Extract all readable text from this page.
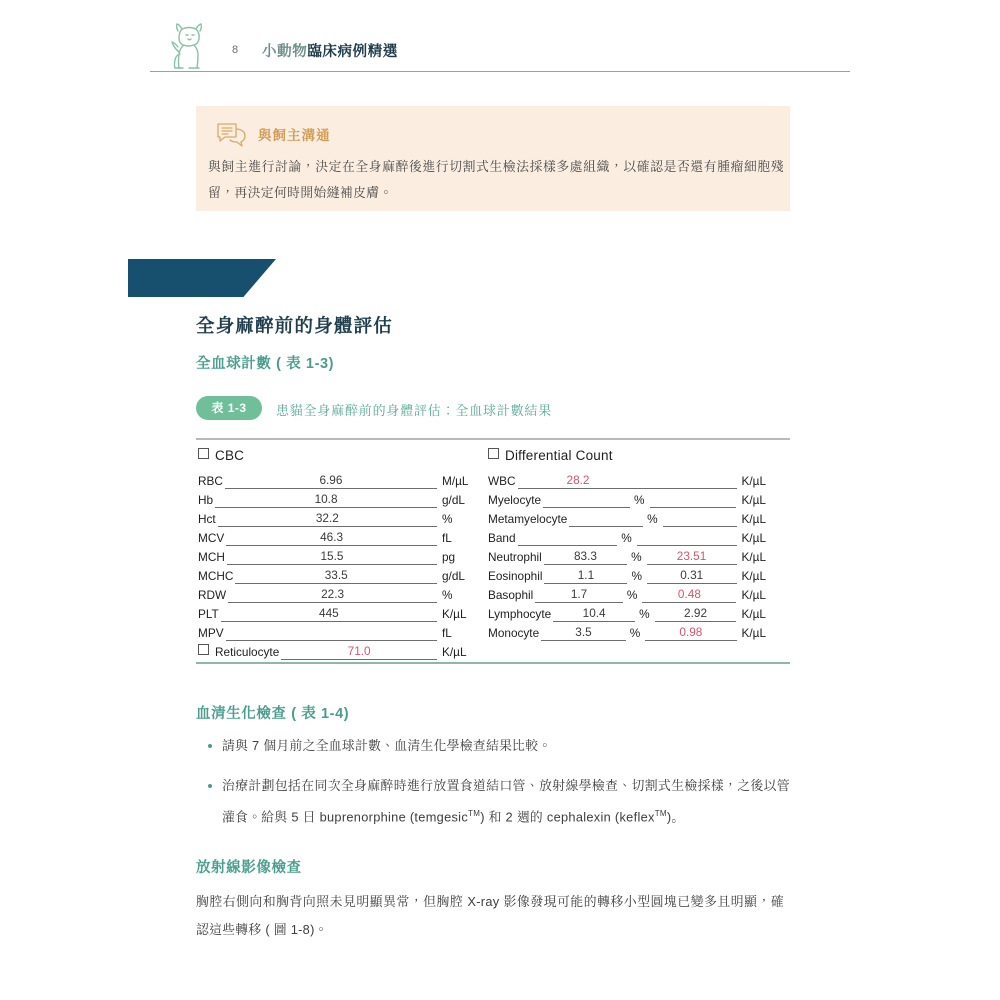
8 小動物臨床病例精選
與飼主溝通
與飼主進行討論，決定在全身麻醉後進行切割式生檢法採樣多處組織，以確認是否還有腫瘤細胞殘留，再決定何時開始縫補皮膚。
治療
全身麻醉前的身體評估
全血球計數 ( 表 1-3)
表 1-3	患貓全身麻醉前的身體評估：全血球計數結果
CBC
RBC	6.96	M/µL
Hb	10.8	g/dL
Hct	32.2	%
MCV	46.3	fL
MCH	15.5	pg
MCHC	33.5	g/dL
RDW	22.3	%
PLT	445	K/µL
MPV	fL
Reticulocyte	71.0	K/µL
Differential Count
WBC	28.2	K/µL
Myelocyte	%	K/µL
Metamyelocyte	%	K/µL
Band	%	K/µL
Neutrophil	83.3	%	23.51	K/µL
Eosinophil	1.1	%	0.31	K/µL
Basophil	1.7	%	0.48	K/µL
Lymphocyte	10.4	%	2.92	K/µL
Monocyte	3.5	%	0.98	K/µL
血清生化檢查 ( 表 1-4)
請與 7 個月前之全血球計數、血清生化學檢查結果比較。
治療計劃包括在同次全身麻醉時進行放置食道結口管、放射線學檢查、切割式生檢採樣，之後以管灌食。給與 5 日 buprenorphine (temgesic™) 和 2 週的 cephalexin (keflex™)。
放射線影像檢查
胸腔右側向和胸背向照未見明顯異常，但胸腔 X-ray 影像發現可能的轉移小型圓塊已變多且明顯，確認這些轉移 ( 圖 1-8)。
